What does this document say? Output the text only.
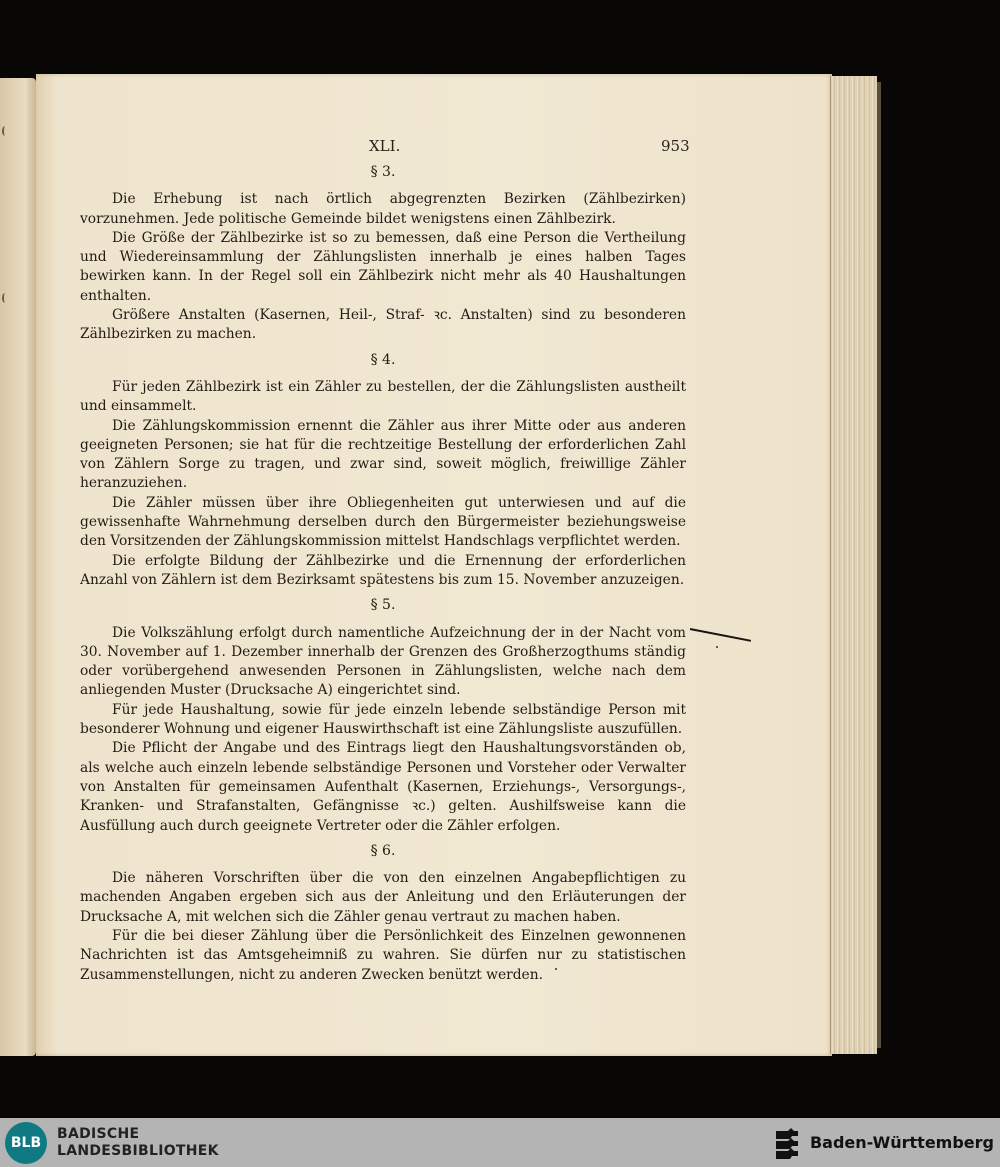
XLI.	953
§ 3.

Die Erhebung ist nach örtlich abgegrenzten Bezirken (Zählbezirken) vorzunehmen. Jede politische Gemeinde bildet wenigstens einen Zählbezirk.

Die Größe der Zählbezirke ist so zu bemessen, daß eine Person die Vertheilung und Wiedereinsammlung der Zählungslisten innerhalb je eines halben Tages bewirken kann. In der Regel soll ein Zählbezirk nicht mehr als 40 Haushaltungen enthalten.

Größere Anstalten (Kasernen, Heil-, Straf- ꝛc. Anstalten) sind zu besonderen Zählbezirken zu machen.

§ 4.

Für jeden Zählbezirk ist ein Zähler zu bestellen, der die Zählungslisten austheilt und einsammelt.

Die Zählungskommission ernennt die Zähler aus ihrer Mitte oder aus anderen geeigneten Personen; sie hat für die rechtzeitige Bestellung der erforderlichen Zahl von Zählern Sorge zu tragen, und zwar sind, soweit möglich, freiwillige Zähler heranzuziehen.

Die Zähler müssen über ihre Obliegenheiten gut unterwiesen und auf die gewissenhafte Wahrnehmung derselben durch den Bürgermeister beziehungsweise den Vorsitzenden der Zählungskommission mittelst Handschlags verpflichtet werden.

Die erfolgte Bildung der Zählbezirke und die Ernennung der erforderlichen Anzahl von Zählern ist dem Bezirksamt spätestens bis zum 15. November anzuzeigen.

§ 5.

Die Volkszählung erfolgt durch namentliche Aufzeichnung der in der Nacht vom 30. November auf 1. Dezember innerhalb der Grenzen des Großherzogthums ständig oder vorübergehend anwesenden Personen in Zählungslisten, welche nach dem anliegenden Muster (Drucksache A) eingerichtet sind.

Für jede Haushaltung, sowie für jede einzeln lebende selbständige Person mit besonderer Wohnung und eigener Hauswirthschaft ist eine Zählungsliste auszufüllen.

Die Pflicht der Angabe und des Eintrags liegt den Haushaltungsvorständen ob, als welche auch einzeln lebende selbständige Personen und Vorsteher oder Verwalter von Anstalten für gemeinsamen Aufenthalt (Kasernen, Erziehungs-, Versorgungs-, Kranken- und Strafanstalten, Gefängnisse ꝛc.) gelten. Aushilfsweise kann die Ausfüllung auch durch geeignete Vertreter oder die Zähler erfolgen.

§ 6.

Die näheren Vorschriften über die von den einzelnen Angabepflichtigen zu machenden Angaben ergeben sich aus der Anleitung und den Erläuterungen der Drucksache A, mit welchen sich die Zähler genau vertraut zu machen haben.

Für die bei dieser Zählung über die Persönlichkeit des Einzelnen gewonnenen Nachrichten ist das Amtsgeheimniß zu wahren. Sie dürfen nur zu statistischen Zusammenstellungen, nicht zu anderen Zwecken benützt werden.

BLB
BADISCHE
LANDESBIBLIOTHEK	Baden-Württemberg
